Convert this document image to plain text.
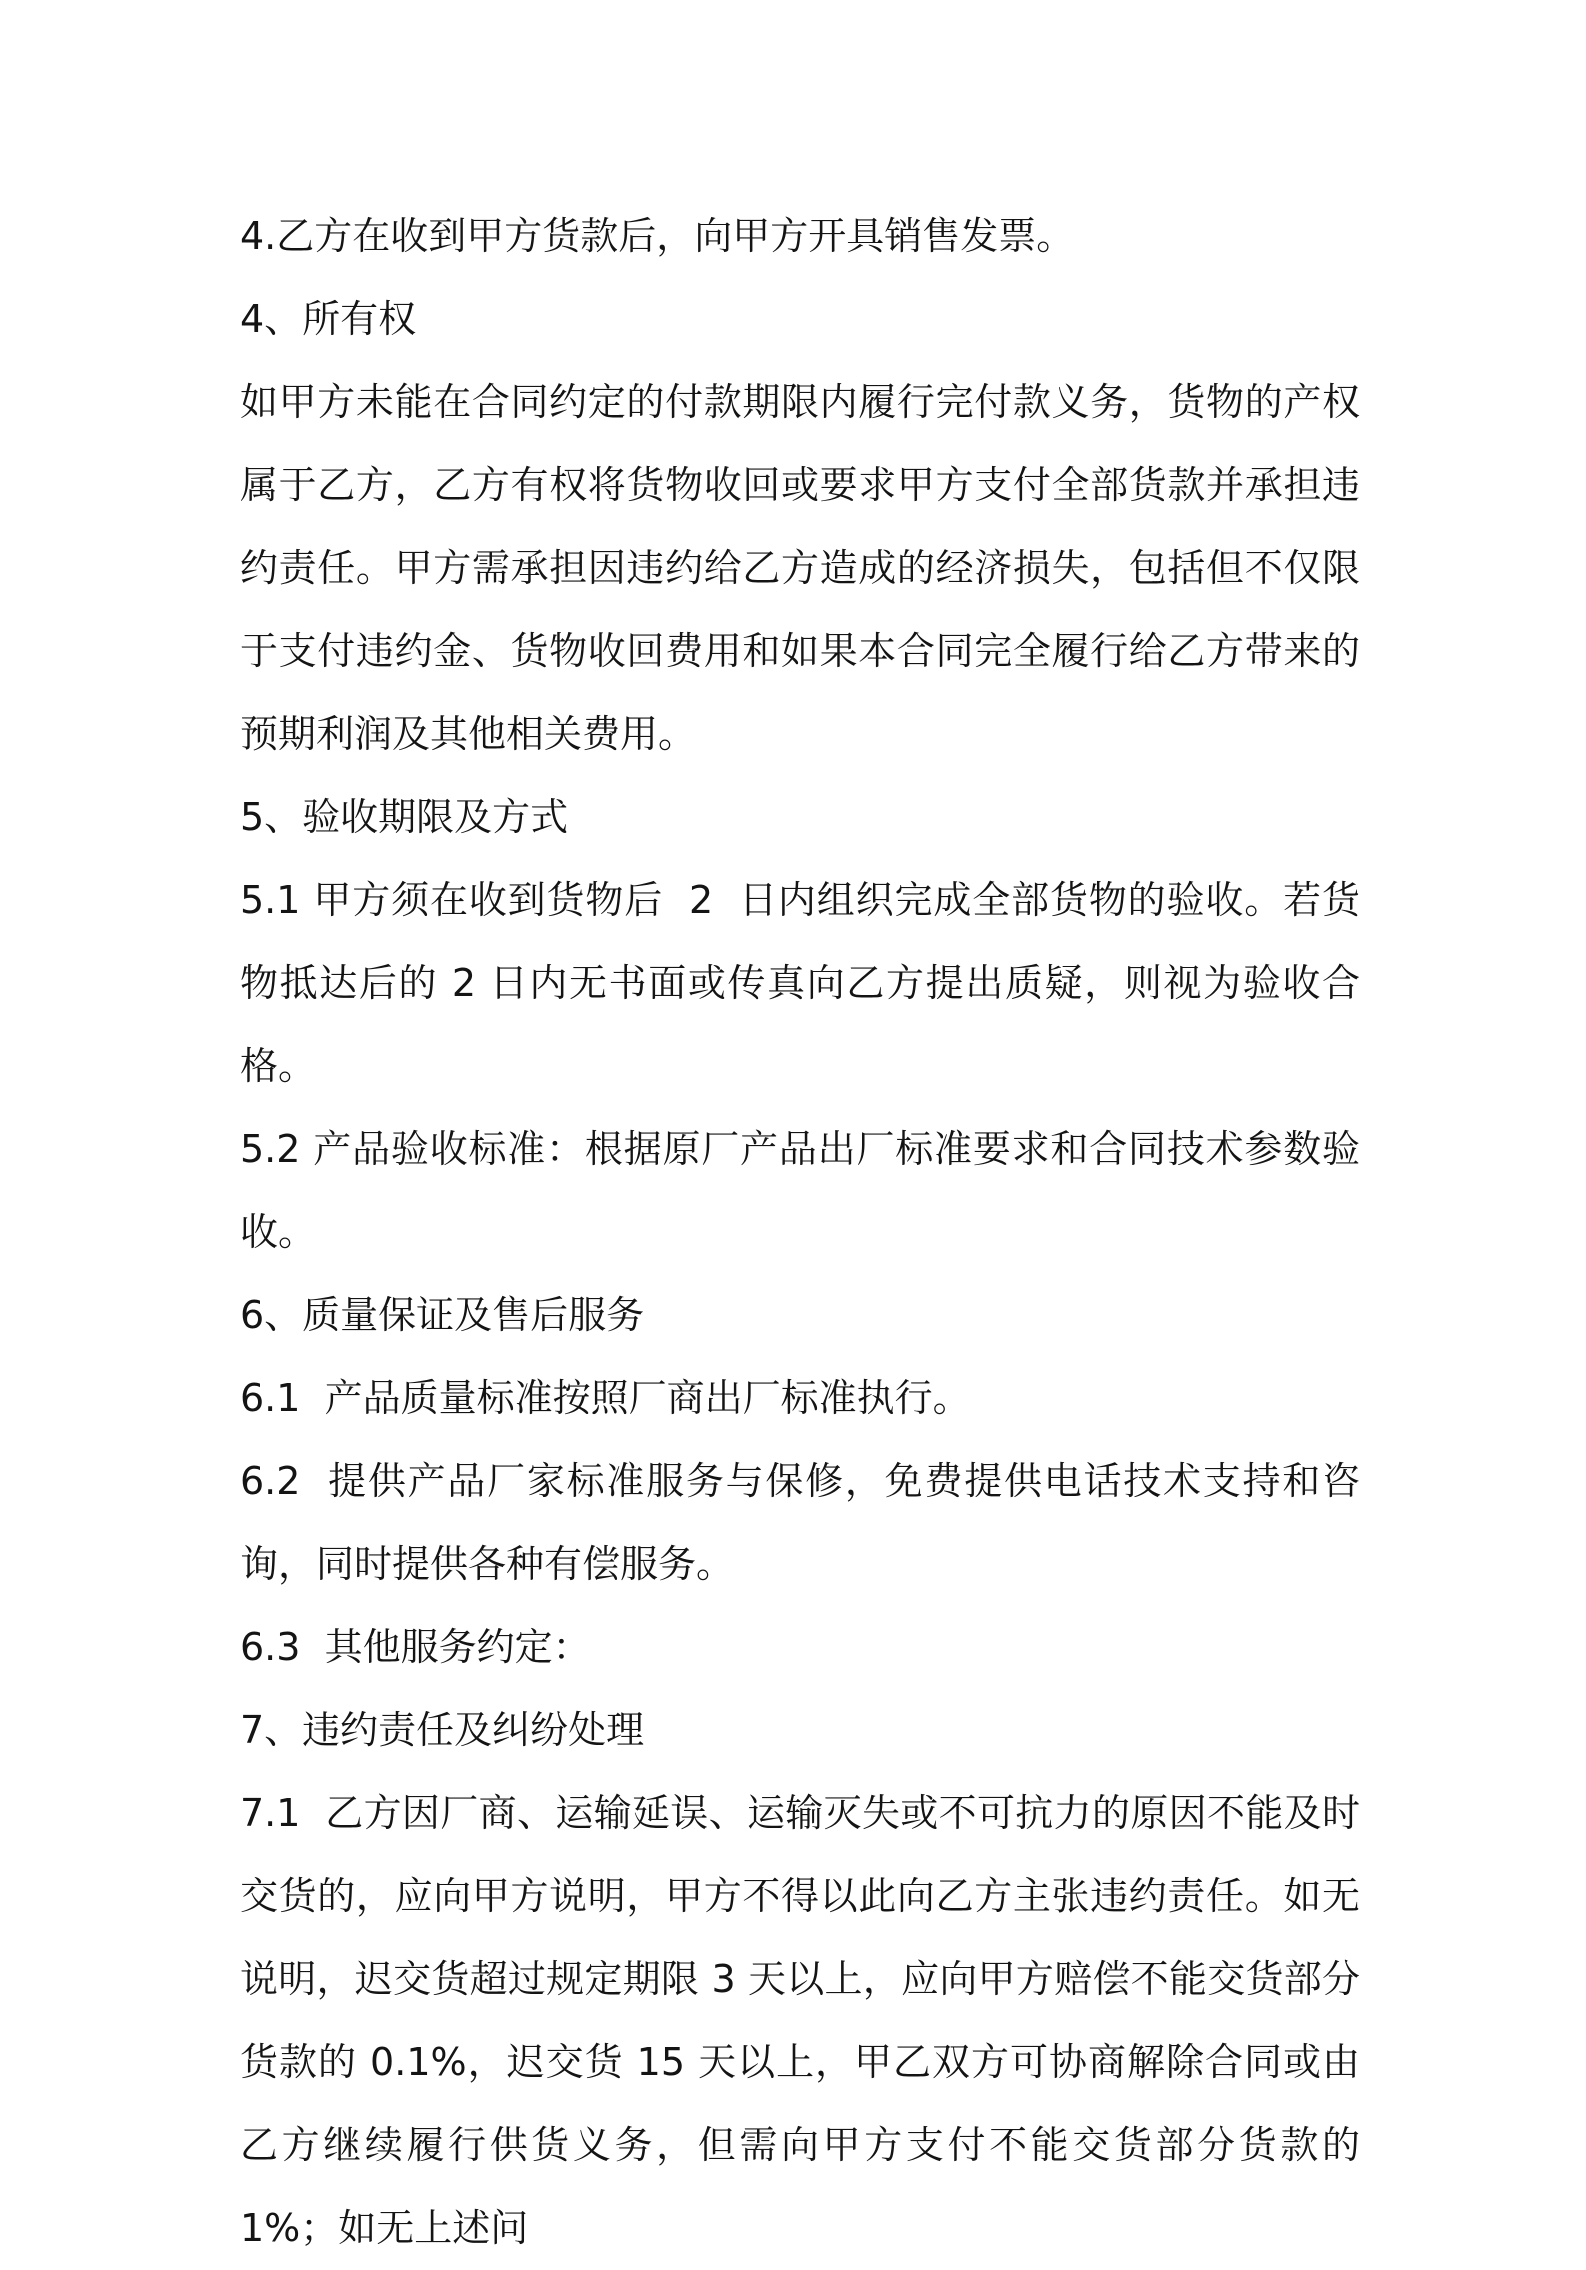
4.乙方在收到甲方货款后，向甲方开具销售发票。

4、所有权

如甲方未能在合同约定的付款期限内履行完付款义务，货物的产权属于乙方，乙方有权将货物收回或要求甲方支付全部货款并承担违约责任。甲方需承担因违约给乙方造成的经济损失，包括但不仅限于支付违约金、货物收回费用和如果本合同完全履行给乙方带来的预期利润及其他相关费用。

5、验收期限及方式

5.1 甲方须在收到货物后  2  日内组织完成全部货物的验收。若货物抵达后的 2 日内无书面或传真向乙方提出质疑，则视为验收合格。

5.2 产品验收标准：根据原厂产品出厂标准要求和合同技术参数验收。

6、质量保证及售后服务

6.1  产品质量标准按照厂商出厂标准执行。

6.2  提供产品厂家标准服务与保修，免费提供电话技术支持和咨询，同时提供各种有偿服务。

6.3  其他服务约定：

7、违约责任及纠纷处理

7.1  乙方因厂商、运输延误、运输灭失或不可抗力的原因不能及时交货的，应向甲方说明，甲方不得以此向乙方主张违约责任。如无说明，迟交货超过规定期限 3 天以上，应向甲方赔偿不能交货部分货款的 0.1%，迟交货 15 天以上，甲乙双方可协商解除合同或由乙方继续履行供货义务，但需向甲方支付不能交货部分货款的 1%；如无上述问
